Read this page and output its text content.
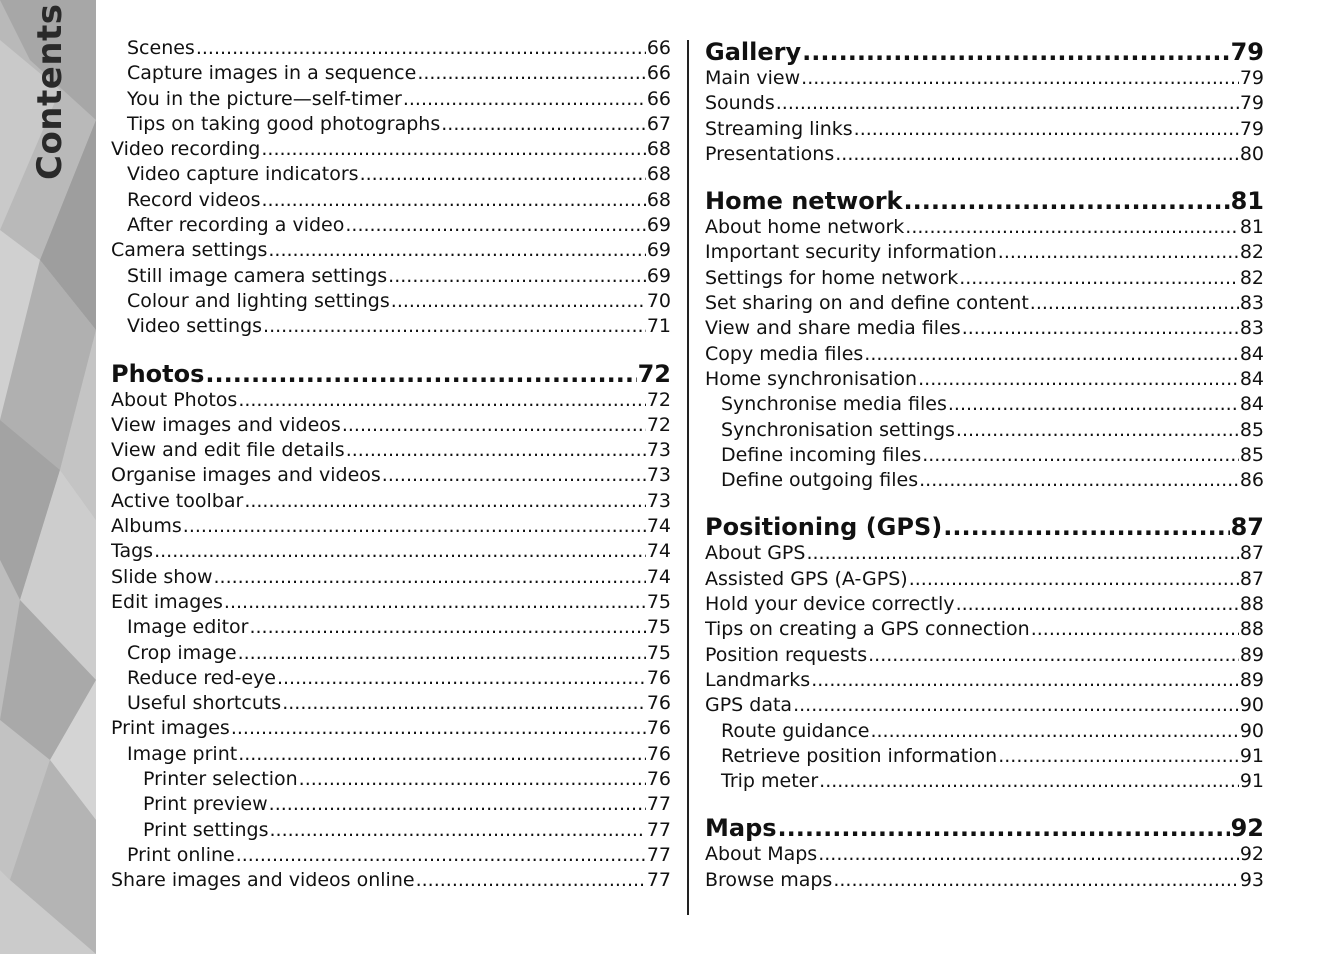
Contents	Scenes .....	66
Capture images in a sequence .....	66
You in the picture—self-timer .....	66
Tips on taking good photographs .....	67
Video recording .....	68
Video capture indicators .....	68
Record videos .....	68
After recording a video .....	69
Camera settings .....	69
Still image camera settings .....	69
Colour and lighting settings .....	70
Video settings .....	71
Photos .....	72
About Photos .....	72
View images and videos .....	72
View and edit file details .....	73
Organise images and videos .....	73
Active toolbar .....	73
Albums .....	74
Tags .....	74
Slide show .....	74
Edit images .....	75
Image editor .....	75
Crop image .....	75
Reduce red-eye .....	76
Useful shortcuts .....	76
Print images .....	76
Image print .....	76
Printer selection .....	76
Print preview .....	77
Print settings .....	77
Print online .....	77
Share images and videos online .....	77
Gallery .....	79
Main view .....	79
Sounds .....	79
Streaming links .....	79
Presentations .....	80
Home network .....	81
About home network .....	81
Important security information .....	82
Settings for home network .....	82
Set sharing on and define content .....	83
View and share media files .....	83
Copy media files .....	84
Home synchronisation .....	84
Synchronise media files .....	84
Synchronisation settings .....	85
Define incoming files .....	85
Define outgoing files .....	86
Positioning (GPS) .....	87
About GPS .....	87
Assisted GPS (A-GPS) .....	87
Hold your device correctly .....	88
Tips on creating a GPS connection .....	88
Position requests .....	89
Landmarks .....	89
GPS data .....	90
Route guidance .....	90
Retrieve position information .....	91
Trip meter .....	91
Maps .....	92
About Maps .....	92
Browse maps .....	93
